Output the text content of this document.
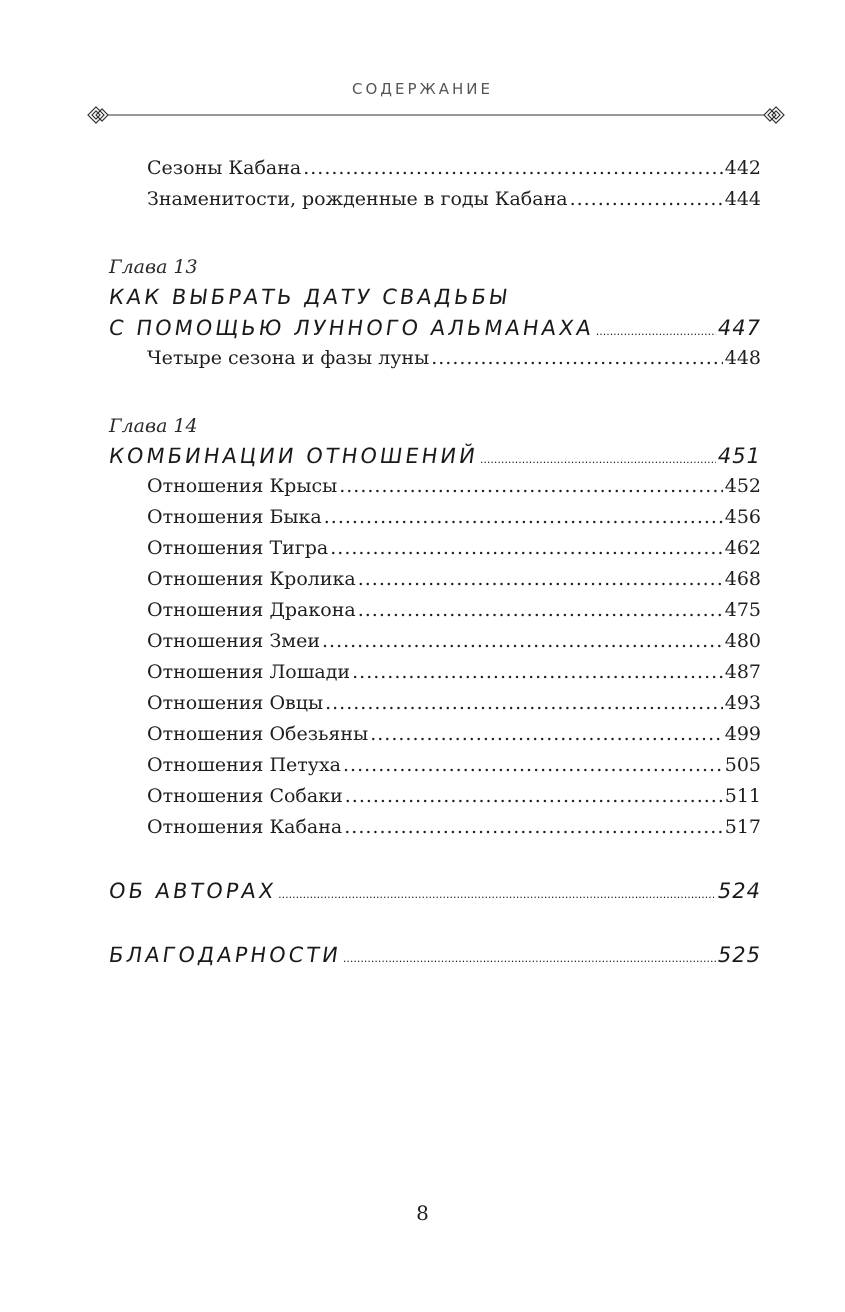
СОДЕРЖАНИЕ
Сезоны Кабана .....	442
Знаменитости, рожденные в годы Кабана .....	444
Глава 13
КАК ВЫБРАТЬ ДАТУ СВАДЬБЫ
С ПОМОЩЬЮ ЛУННОГО АЛЬМАНАХА .....	447
Четыре сезона и фазы луны .....	448
Глава 14
КОМБИНАЦИИ ОТНОШЕНИЙ .....	451
Отношения Крысы .....	452
Отношения Быка .....	456
Отношения Тигра .....	462
Отношения Кролика .....	468
Отношения Дракона .....	475
Отношения Змеи .....	480
Отношения Лошади .....	487
Отношения Овцы .....	493
Отношения Обезьяны .....	499
Отношения Петуха .....	505
Отношения Собаки .....	511
Отношения Кабана .....	517
ОБ АВТОРАХ .....	524
БЛАГОДАРНОСТИ .....	525
8
